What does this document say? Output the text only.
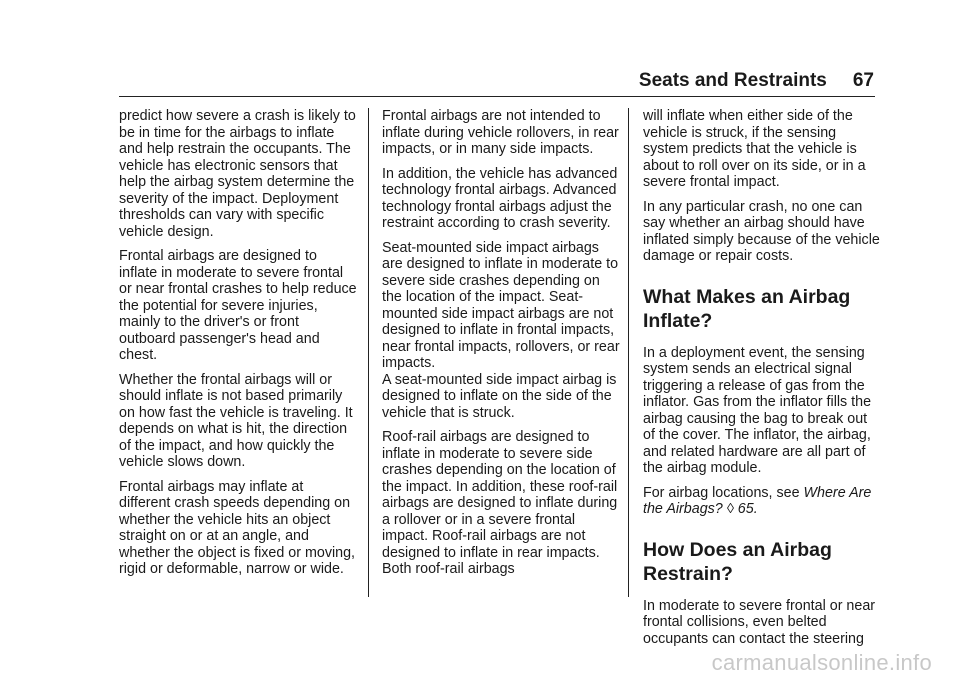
Seats and Restraints 67

predict how severe a crash is likely to be in time for the airbags to inflate and help restrain the occupants. The vehicle has electronic sensors that help the airbag system determine the severity of the impact. Deployment thresholds can vary with specific vehicle design.

Frontal airbags are designed to inflate in moderate to severe frontal or near frontal crashes to help reduce the potential for severe injuries, mainly to the driver's or front outboard passenger's head and chest.

Whether the frontal airbags will or should inflate is not based primarily on how fast the vehicle is traveling. It depends on what is hit, the direction of the impact, and how quickly the vehicle slows down.

Frontal airbags may inflate at different crash speeds depending on whether the vehicle hits an object straight on or at an angle, and whether the object is fixed or moving, rigid or deformable, narrow or wide.

Frontal airbags are not intended to inflate during vehicle rollovers, in rear impacts, or in many side impacts.

In addition, the vehicle has advanced technology frontal airbags. Advanced technology frontal airbags adjust the restraint according to crash severity.

Seat-mounted side impact airbags are designed to inflate in moderate to severe side crashes depending on the location of the impact. Seat-mounted side impact airbags are not designed to inflate in frontal impacts, near frontal impacts, rollovers, or rear impacts.

A seat-mounted side impact airbag is designed to inflate on the side of the vehicle that is struck.

Roof-rail airbags are designed to inflate in moderate to severe side crashes depending on the location of the impact. In addition, these roof-rail airbags are designed to inflate during a rollover or in a severe frontal impact. Roof-rail airbags are not designed to inflate in rear impacts. Both roof-rail airbags

will inflate when either side of the vehicle is struck, if the sensing system predicts that the vehicle is about to roll over on its side, or in a severe frontal impact.

In any particular crash, no one can say whether an airbag should have inflated simply because of the vehicle damage or repair costs.

What Makes an Airbag Inflate?

In a deployment event, the sensing system sends an electrical signal triggering a release of gas from the inflator. Gas from the inflator fills the airbag causing the bag to break out of the cover. The inflator, the airbag, and related hardware are all part of the airbag module.

For airbag locations, see Where Are the Airbags? ◊ 65.

How Does an Airbag Restrain?

In moderate to severe frontal or near frontal collisions, even belted occupants can contact the steering

carmanualsonline.info
